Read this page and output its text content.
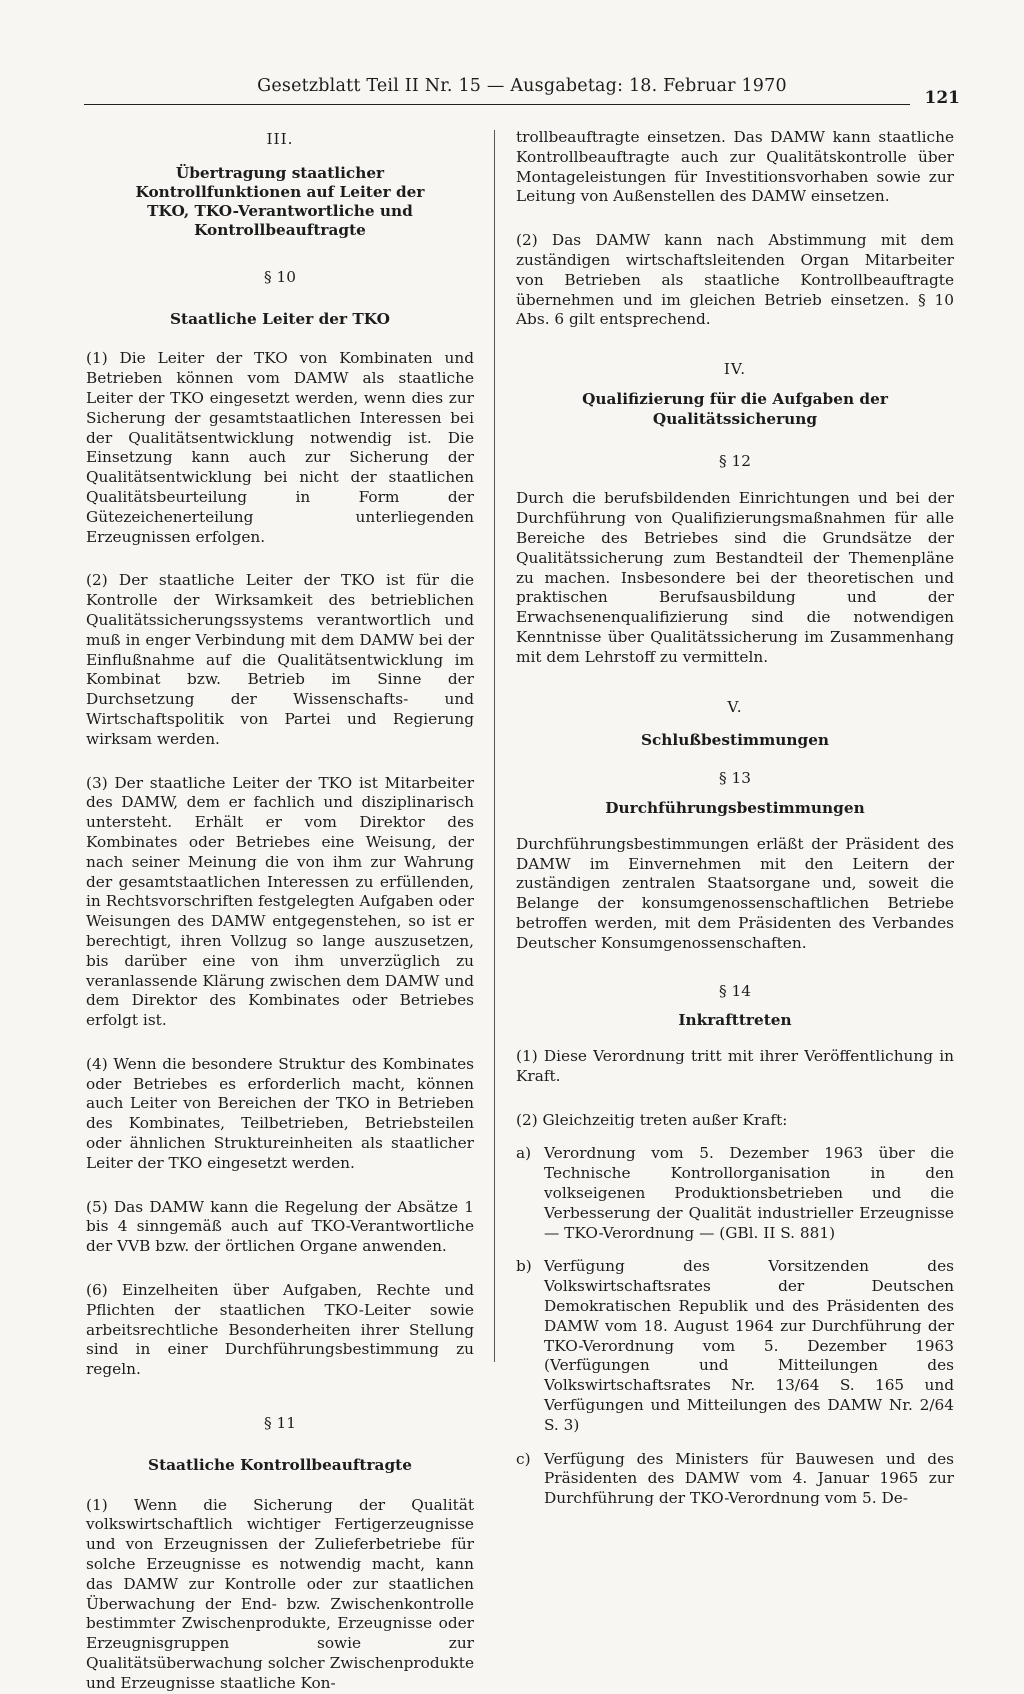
Gesetzblatt Teil II Nr. 15 — Ausgabetag: 18. Februar 1970
121
III.
Übertragung staatlicher Kontrollfunktionen auf Leiter der TKO, TKO-Verantwortliche und Kontrollbeauftragte
§ 10
Staatliche Leiter der TKO

(1) Die Leiter der TKO von Kombinaten und Betrieben können vom DAMW als staatliche Leiter der TKO eingesetzt werden, wenn dies zur Sicherung der gesamtstaatlichen Interessen bei der Qualitätsentwicklung notwendig ist. Die Einsetzung kann auch zur Sicherung der Qualitätsentwicklung bei nicht der staatlichen Qualitätsbeurteilung in Form der Gütezeichenerteilung unterliegenden Erzeugnissen erfolgen.

(2) Der staatliche Leiter der TKO ist für die Kontrolle der Wirksamkeit des betrieblichen Qualitätssicherungssystems verantwortlich und muß in enger Verbindung mit dem DAMW bei der Einflußnahme auf die Qualitätsentwicklung im Kombinat bzw. Betrieb im Sinne der Durchsetzung der Wissenschafts- und Wirtschaftspolitik von Partei und Regierung wirksam werden.

(3) Der staatliche Leiter der TKO ist Mitarbeiter des DAMW, dem er fachlich und disziplinarisch untersteht. Erhält er vom Direktor des Kombinates oder Betriebes eine Weisung, der nach seiner Meinung die von ihm zur Wahrung der gesamtstaatlichen Interessen zu erfüllenden, in Rechtsvorschriften festgelegten Aufgaben oder Weisungen des DAMW entgegenstehen, so ist er berechtigt, ihren Vollzug so lange auszusetzen, bis darüber eine von ihm unverzüglich zu veranlassende Klärung zwischen dem DAMW und dem Direktor des Kombinates oder Betriebes erfolgt ist.

(4) Wenn die besondere Struktur des Kombinates oder Betriebes es erforderlich macht, können auch Leiter von Bereichen der TKO in Betrieben des Kombinates, Teilbetrieben, Betriebsteilen oder ähnlichen Struktureinheiten als staatlicher Leiter der TKO eingesetzt werden.

(5) Das DAMW kann die Regelung der Absätze 1 bis 4 sinngemäß auch auf TKO-Verantwortliche der VVB bzw. der örtlichen Organe anwenden.

(6) Einzelheiten über Aufgaben, Rechte und Pflichten der staatlichen TKO-Leiter sowie arbeitsrechtliche Besonderheiten ihrer Stellung sind in einer Durchführungsbestimmung zu regeln.

§ 11
Staatliche Kontrollbeauftragte

(1) Wenn die Sicherung der Qualität volkswirtschaftlich wichtiger Fertigerzeugnisse und von Erzeugnissen der Zulieferbetriebe für solche Erzeugnisse es notwendig macht, kann das DAMW zur Kontrolle oder zur staatlichen Überwachung der End- bzw. Zwischenkontrolle bestimmter Zwischenprodukte, Erzeugnisse oder Erzeugnisgruppen sowie zur Qualitätsüberwachung solcher Zwischenprodukte und Erzeugnisse staatliche Kon-

trollbeauftragte einsetzen. Das DAMW kann staatliche Kontrollbeauftragte auch zur Qualitätskontrolle über Montageleistungen für Investitionsvorhaben sowie zur Leitung von Außenstellen des DAMW einsetzen.

(2) Das DAMW kann nach Abstimmung mit dem zuständigen wirtschaftsleitenden Organ Mitarbeiter von Betrieben als staatliche Kontrollbeauftragte übernehmen und im gleichen Betrieb einsetzen. § 10 Abs. 6 gilt entsprechend.

IV.
Qualifizierung für die Aufgaben der Qualitätssicherung
§ 12

Durch die berufsbildenden Einrichtungen und bei der Durchführung von Qualifizierungsmaßnahmen für alle Bereiche des Betriebes sind die Grundsätze der Qualitätssicherung zum Bestandteil der Themenpläne zu machen. Insbesondere bei der theoretischen und praktischen Berufsausbildung und der Erwachsenenqualifizierung sind die notwendigen Kenntnisse über Qualitätssicherung im Zusammenhang mit dem Lehrstoff zu vermitteln.

V.
Schlußbestimmungen
§ 13
Durchführungsbestimmungen

Durchführungsbestimmungen erläßt der Präsident des DAMW im Einvernehmen mit den Leitern der zuständigen zentralen Staatsorgane und, soweit die Belange der konsumgenossenschaftlichen Betriebe betroffen werden, mit dem Präsidenten des Verbandes Deutscher Konsumgenossenschaften.

§ 14
Inkrafttreten

(1) Diese Verordnung tritt mit ihrer Veröffentlichung in Kraft.

(2) Gleichzeitig treten außer Kraft:

a) Verordnung vom 5. Dezember 1963 über die Technische Kontrollorganisation in den volkseigenen Produktionsbetrieben und die Verbesserung der Qualität industrieller Erzeugnisse — TKO-Verordnung — (GBl. II S. 881)
b) Verfügung des Vorsitzenden des Volkswirtschaftsrates der Deutschen Demokratischen Republik und des Präsidenten des DAMW vom 18. August 1964 zur Durchführung der TKO-Verordnung vom 5. Dezember 1963 (Verfügungen und Mitteilungen des Volkswirtschaftsrates Nr. 13/64 S. 165 und Verfügungen und Mitteilungen des DAMW Nr. 2/64 S. 3)
c) Verfügung des Ministers für Bauwesen und des Präsidenten des DAMW vom 4. Januar 1965 zur Durchführung der TKO-Verordnung vom 5. De-
